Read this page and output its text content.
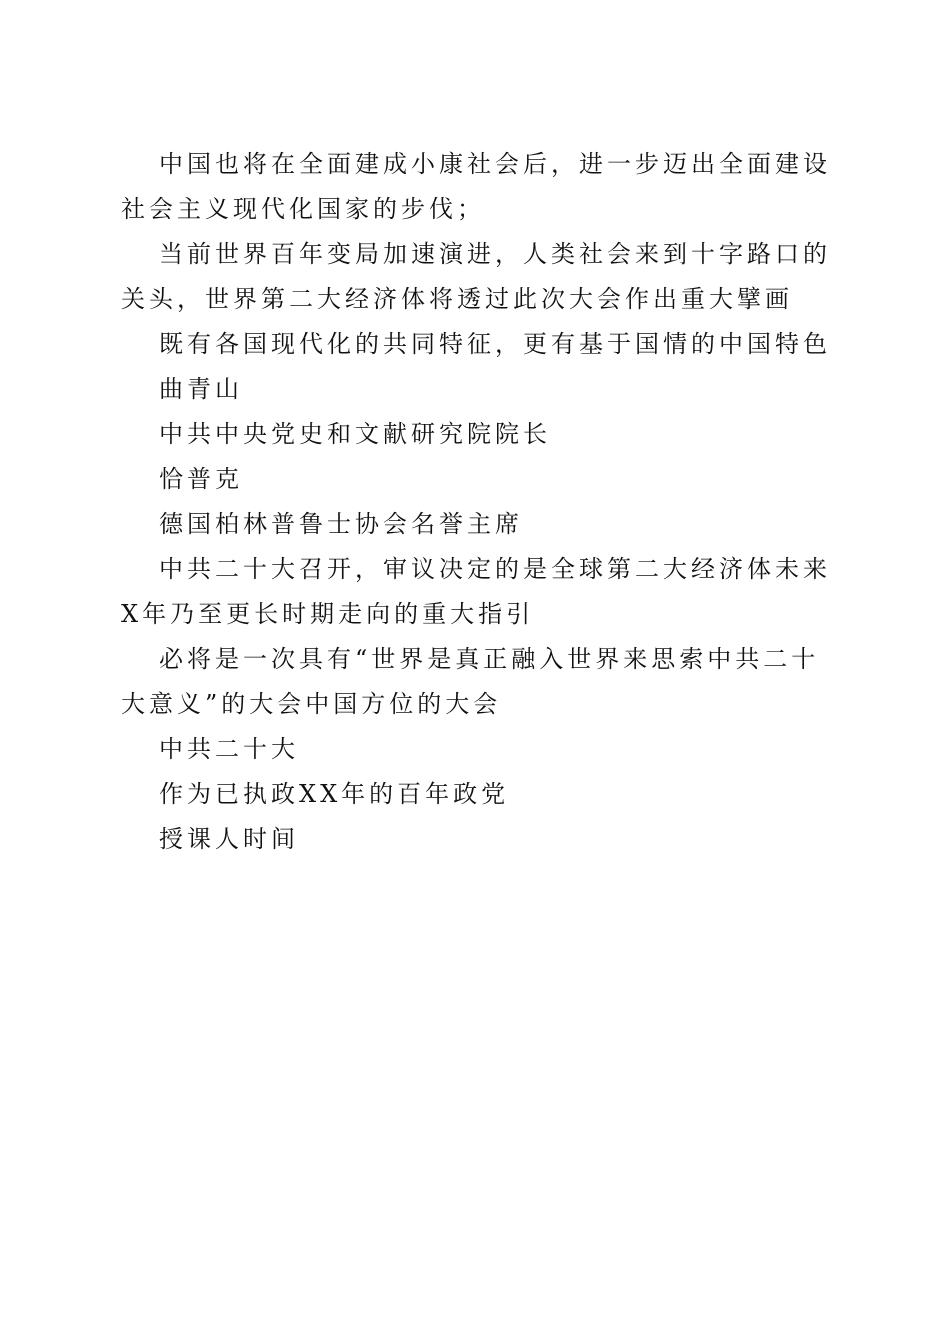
中国也将在全面建成小康社会后，进一步迈出全面建设社会主义现代化国家的步伐；

当前世界百年变局加速演进，人类社会来到十字路口的关头，世界第二大经济体将透过此次大会作出重大擘画

既有各国现代化的共同特征，更有基于国情的中国特色

曲青山

中共中央党史和文献研究院院长

恰普克

德国柏林普鲁士协会名誉主席

中共二十大召开，审议决定的是全球第二大经济体未来X年乃至更长时期走向的重大指引

必将是一次具有“世界是真正融入世界来思索中共二十大意义”的大会中国方位的大会

中共二十大

作为已执政XX年的百年政党

授课人时间
